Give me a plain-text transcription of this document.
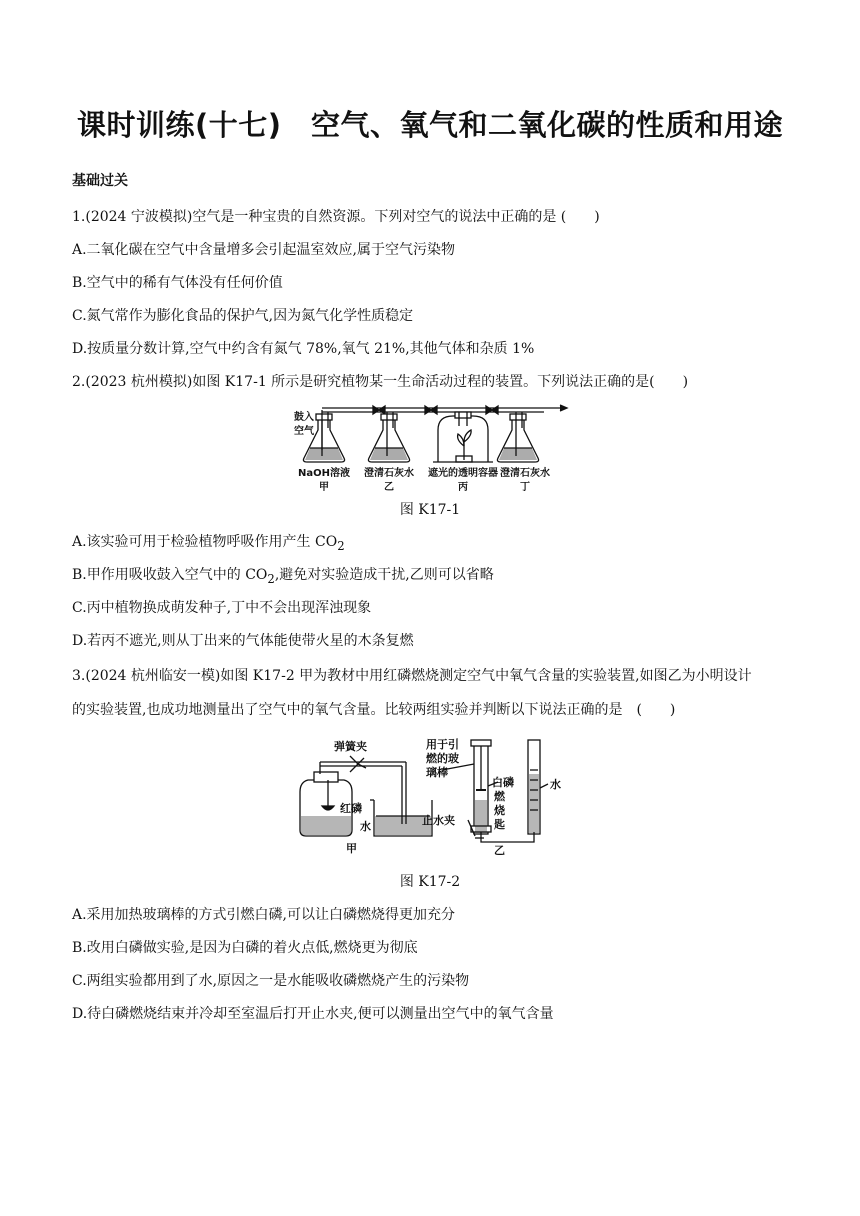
课时训练(十七)　空气、氧气和二氧化碳的性质和用途

基础过关

1.(2024 宁波模拟)空气是一种宝贵的自然资源。下列对空气的说法中正确的是 (　　)

A.二氧化碳在空气中含量增多会引起温室效应,属于空气污染物

B.空气中的稀有气体没有任何价值

C.氮气常作为膨化食品的保护气,因为氮气化学性质稳定

D.按质量分数计算,空气中约含有氮气 78%,氧气 21%,其他气体和杂质 1%

2.(2023 杭州模拟)如图 K17-1 所示是研究植物某一生命活动过程的装置。下列说法正确的是(　　)

鼓入
空气
NaOH溶液
甲
澄清石灰水
乙
遮光的透明容器
丙
澄清石灰水
丁

图 K17-1

A.该实验可用于检验植物呼吸作用产生 $CO_2$

B.甲作用吸收鼓入空气中的 $CO_2$,避免对实验造成干扰,乙则可以省略

C.丙中植物换成萌发种子,丁中不会出现浑浊现象

D.若丙不遮光,则从丁出来的气体能使带火星的木条复燃

3.(2024 杭州临安一模)如图 K17-2 甲为教材中用红磷燃烧测定空气中氧气含量的实验装置,如图乙为小明设计

的实验装置,也成功地测量出了空气中的氧气含量。比较两组实验并判断以下说法正确的是　(　　)

弹簧夹
红磷
水
甲
用于引
燃的玻
璃棒
白磷
燃
烧
匙
止水夹
水
乙

图 K17-2

A.采用加热玻璃棒的方式引燃白磷,可以让白磷燃烧得更加充分

B.改用白磷做实验,是因为白磷的着火点低,燃烧更为彻底

C.两组实验都用到了水,原因之一是水能吸收磷燃烧产生的污染物

D.待白磷燃烧结束并冷却至室温后打开止水夹,便可以测量出空气中的氧气含量
